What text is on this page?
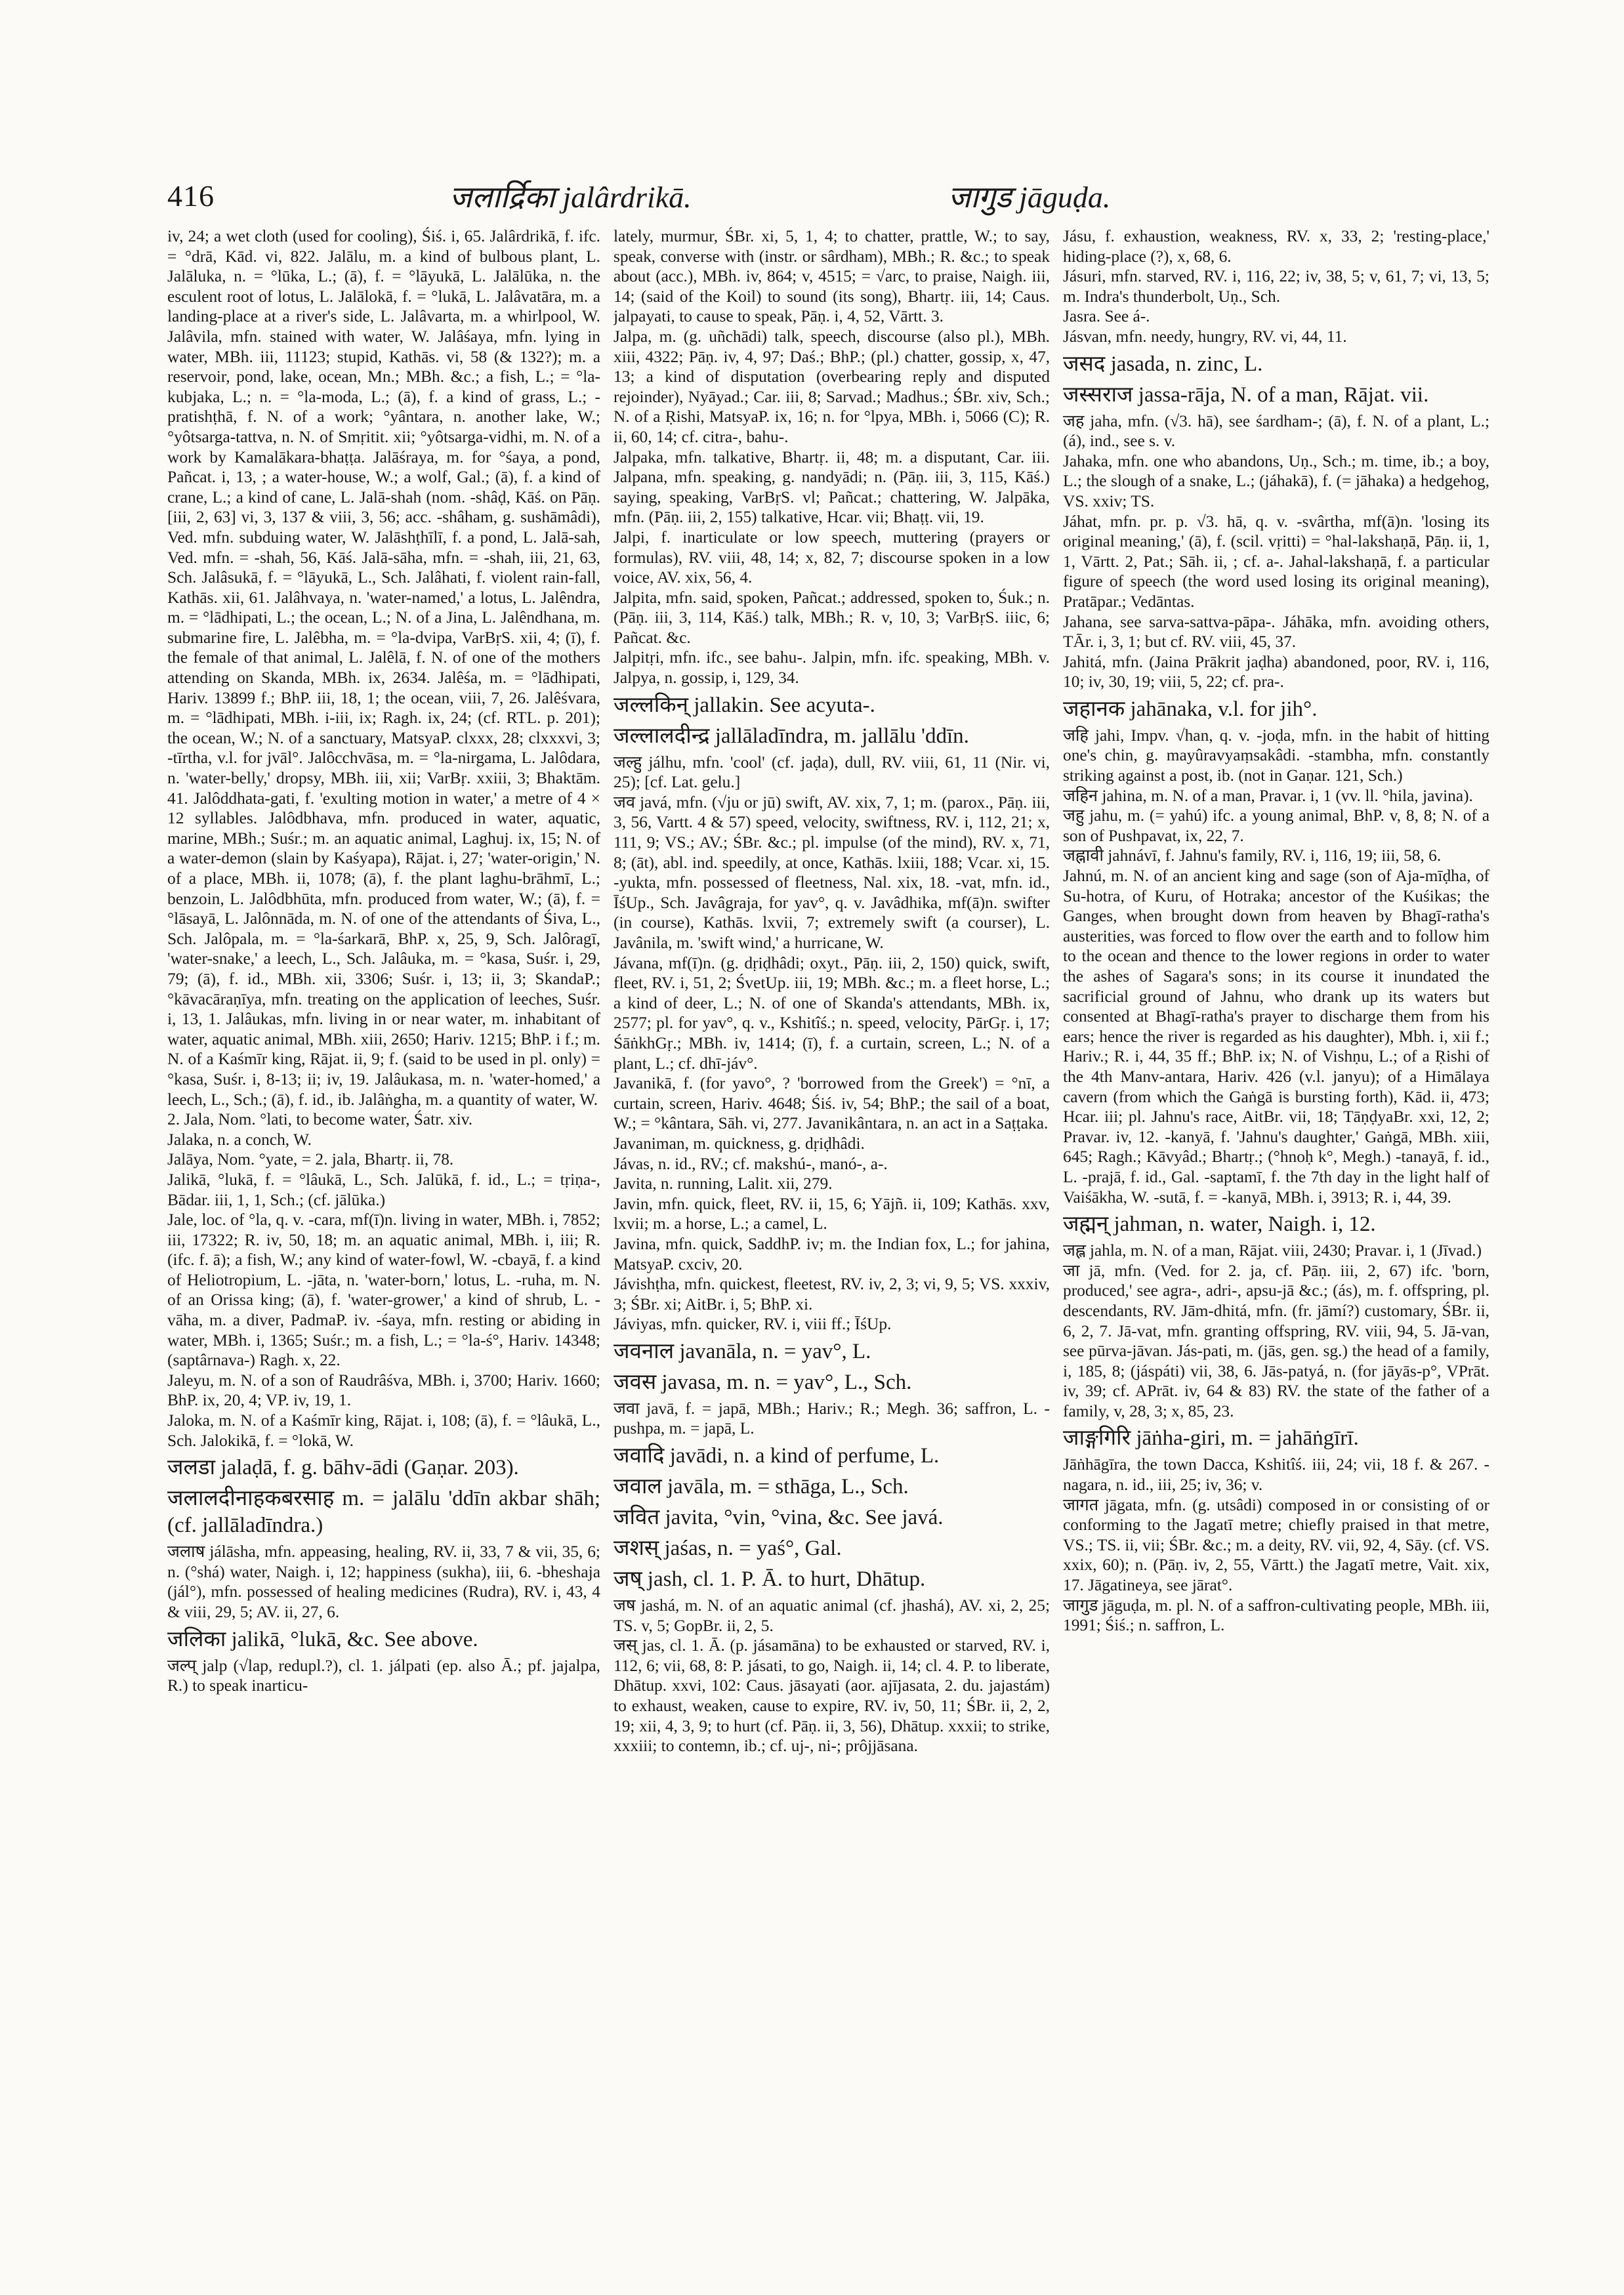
416	जलार्द्रिका jalârdrikā.	जागुड jāguḍa.

iv, 24; a wet cloth (used for cooling), Śiś. i, 65. Jalârdrikā, f. ifc. = °drā, Kād. vi, 822. Jalālu, m. a kind of bulbous plant, L. Jalāluka, n. = °lūka, L.; (ā), f. = °lāyukā, L. Jalālūka, n. the esculent root of lotus, L. Jalālokā, f. = °lukā, L. Jalâvatāra, m. a landing-place at a river's side, L. Jalâvarta, m. a whirlpool, W. Jalâvila, mfn. stained with water, W. Jalâśaya, mfn. lying in water, MBh. iii, 11123; stupid, Kathās. vi, 58 (& 132?); m. a reservoir, pond, lake, ocean, Mn.; MBh. &c.; a fish, L.; = °la-kubjaka, L.; n. = °la-moda, L.; (ā), f. a kind of grass, L.; -pratishṭhā, f. N. of a work; °yântara, n. another lake, W.; °yôtsarga-tattva, n. N. of Smṛitit. xii; °yôtsarga-vidhi, m. N. of a work by Kamalākara-bhaṭṭa. Jalāśraya, m. for °śaya, a pond, Pañcat. i, 13, ; a water-house, W.; a wolf, Gal.; (ā), f. a kind of crane, L.; a kind of cane, L. Jalā-shah (nom. -shâḍ, Kāś. on Pāṇ. [iii, 2, 63] vi, 3, 137 & viii, 3, 56; acc. -shâham, g. sushāmâdi), Ved. mfn. subduing water, W. Jalāshṭhīlī, f. a pond, L. Jalā-sah, Ved. mfn. = -shah, 56, Kāś. Jalā-sāha, mfn. = -shah, iii, 21, 63, Sch. Jalâsukā, f. = °lāyukā, L., Sch. Jalâhati, f. violent rain-fall, Kathās. xii, 61. Jalâhvaya, n. 'water-named,' a lotus, L. Jalêndra, m. = °lādhipati, L.; the ocean, L.; N. of a Jina, L. Jalêndhana, m. submarine fire, L. Jalêbha, m. = °la-dvipa, VarBṛS. xii, 4; (ī), f. the female of that animal, L. Jalêlā, f. N. of one of the mothers attending on Skanda, MBh. ix, 2634. Jalêśa, m. = °lādhipati, Hariv. 13899 f.; BhP. iii, 18, 1; the ocean, viii, 7, 26. Jalêśvara, m. = °lādhipati, MBh. i-iii, ix; Ragh. ix, 24; (cf. RTL. p. 201); the ocean, W.; N. of a sanctuary, MatsyaP. clxxx, 28; clxxxvi, 3; -tīrtha, v.l. for jvāl°. Jalôcchvāsa, m. = °la-nirgama, L. Jalôdara, n. 'water-belly,' dropsy, MBh. iii, xii; VarBṛ. xxiii, 3; Bhaktām. 41. Jalôddhata-gati, f. 'exulting motion in water,' a metre of 4 × 12 syllables. Jalôdbhava, mfn. produced in water, aquatic, marine, MBh.; Suśr.; m. an aquatic animal, Laghuj. ix, 15; N. of a water-demon (slain by Kaśyapa), Rājat. i, 27; 'water-origin,' N. of a place, MBh. ii, 1078; (ā), f. the plant laghu-brāhmī, L.; benzoin, L. Jalôdbhūta, mfn. produced from water, W.; (ā), f. = °lāsayā, L. Jalônnāda, m. N. of one of the attendants of Śiva, L., Sch. Jalôpala, m. = °la-śarkarā, BhP. x, 25, 9, Sch. Jalôragī, 'water-snake,' a leech, L., Sch. Jalâuka, m. = °kasa, Suśr. i, 29, 79; (ā), f. id., MBh. xii, 3306; Suśr. i, 13; ii, 3; SkandaP.; °kāvacāraṇīya, mfn. treating on the application of leeches, Suśr. i, 13, 1. Jalâukas, mfn. living in or near water, m. inhabitant of water, aquatic animal, MBh. xiii, 2650; Hariv. 1215; BhP. i f.; m. N. of a Kaśmīr king, Rājat. ii, 9; f. (said to be used in pl. only) = °kasa, Suśr. i, 8-13; ii; iv, 19. Jalâukasa, m. n. 'water-homed,' a leech, L., Sch.; (ā), f. id., ib. Jalâṅgha, m. a quantity of water, W.

2. Jala, Nom. °lati, to become water, Śatr. xiv.

Jalaka, n. a conch, W.

Jalāya, Nom. °yate, = 2. jala, Bhartṛ. ii, 78.

Jalikā, °lukā, f. = °lâukā, L., Sch. Jalūkā, f. id., L.; = tṛiṇa-, Bādar. iii, 1, 1, Sch.; (cf. jālūka.)

Jale, loc. of °la, q. v. -cara, mf(ī)n. living in water, MBh. i, 7852; iii, 17322; R. iv, 50, 18; m. an aquatic animal, MBh. i, iii; R. (ifc. f. ā); a fish, W.; any kind of water-fowl, W. -cbayā, f. a kind of Heliotropium, L. -jāta, n. 'water-born,' lotus, L. -ruha, m. N. of an Orissa king; (ā), f. 'water-grower,' a kind of shrub, L. -vāha, m. a diver, PadmaP. iv. -śaya, mfn. resting or abiding in water, MBh. i, 1365; Suśr.; m. a fish, L.; = °la-ś°, Hariv. 14348; (saptârnava-) Ragh. x, 22.

Jaleyu, m. N. of a son of Raudrâśva, MBh. i, 3700; Hariv. 1660; BhP. ix, 20, 4; VP. iv, 19, 1.

Jaloka, m. N. of a Kaśmīr king, Rājat. i, 108; (ā), f. = °lâukā, L., Sch. Jalokikā, f. = °lokā, W.

जलडा jalaḍā, f. g. bāhv-ādi (Gaṇar. 203).

जलालदीनाहकबरसाह m. = jalālu 'ddīn akbar shāh; (cf. jallāladīndra.)

जलाष jálāsha, mfn. appeasing, healing, RV. ii, 33, 7 & vii, 35, 6; n. (°shá) water, Naigh. i, 12; happiness (sukha), iii, 6. -bheshaja (jál°), mfn. possessed of healing medicines (Rudra), RV. i, 43, 4 & viii, 29, 5; AV. ii, 27, 6.

जलिका jalikā, °lukā, &c. See above.

जल्प् jalp (√lap, redupl.?), cl. 1. jálpati (ep. also Ā.; pf. jajalpa, R.) to speak inarticu-

lately, murmur, ŚBr. xi, 5, 1, 4; to chatter, prattle, W.; to say, speak, converse with (instr. or sârdham), MBh.; R. &c.; to speak about (acc.), MBh. iv, 864; v, 4515; = √arc, to praise, Naigh. iii, 14; (said of the Koil) to sound (its song), Bhartṛ. iii, 14; Caus. jalpayati, to cause to speak, Pāṇ. i, 4, 52, Vārtt. 3.

Jalpa, m. (g. uñchādi) talk, speech, discourse (also pl.), MBh. xiii, 4322; Pāṇ. iv, 4, 97; Daś.; BhP.; (pl.) chatter, gossip, x, 47, 13; a kind of disputation (overbearing reply and disputed rejoinder), Nyāyad.; Car. iii, 8; Sarvad.; Madhus.; ŚBr. xiv, Sch.; N. of a Ṛishi, MatsyaP. ix, 16; n. for °lpya, MBh. i, 5066 (C); R. ii, 60, 14; cf. citra-, bahu-.

Jalpaka, mfn. talkative, Bhartṛ. ii, 48; m. a disputant, Car. iii. Jalpana, mfn. speaking, g. nandyādi; n. (Pāṇ. iii, 3, 115, Kāś.) saying, speaking, VarBṛS. vl; Pañcat.; chattering, W. Jalpāka, mfn. (Pāṇ. iii, 2, 155) talkative, Hcar. vii; Bhaṭṭ. vii, 19.

Jalpi, f. inarticulate or low speech, muttering (prayers or formulas), RV. viii, 48, 14; x, 82, 7; discourse spoken in a low voice, AV. xix, 56, 4.

Jalpita, mfn. said, spoken, Pañcat.; addressed, spoken to, Śuk.; n. (Pāṇ. iii, 3, 114, Kāś.) talk, MBh.; R. v, 10, 3; VarBṛS. iiic, 6; Pañcat. &c.

Jalpitṛi, mfn. ifc., see bahu-. Jalpin, mfn. ifc. speaking, MBh. v. Jalpya, n. gossip, i, 129, 34.

जल्लकिन् jallakin. See acyuta-.

जल्लालदीन्द्र jallāladīndra, m. jallālu 'ddīn.

जल्हु jálhu, mfn. 'cool' (cf. jaḍa), dull, RV. viii, 61, 11 (Nir. vi, 25); [cf. Lat. gelu.]

जव javá, mfn. (√ju or jū) swift, AV. xix, 7, 1; m. (parox., Pāṇ. iii, 3, 56, Vartt. 4 & 57) speed, velocity, swiftness, RV. i, 112, 21; x, 111, 9; VS.; AV.; ŚBr. &c.; pl. impulse (of the mind), RV. x, 71, 8; (āt), abl. ind. speedily, at once, Kathās. lxiii, 188; Vcar. xi, 15. -yukta, mfn. possessed of fleetness, Nal. xix, 18. -vat, mfn. id., ĪśUp., Sch. Javâgraja, for yav°, q. v. Javâdhika, mf(ā)n. swifter (in course), Kathās. lxvii, 7; extremely swift (a courser), L. Javânila, m. 'swift wind,' a hurricane, W.

Jávana, mf(ī)n. (g. dṛiḍhâdi; oxyt., Pāṇ. iii, 2, 150) quick, swift, fleet, RV. i, 51, 2; ŚvetUp. iii, 19; MBh. &c.; m. a fleet horse, L.; a kind of deer, L.; N. of one of Skanda's attendants, MBh. ix, 2577; pl. for yav°, q. v., Kshitîś.; n. speed, velocity, PārGṛ. i, 17; ŚāṅkhGṛ.; MBh. iv, 1414; (ī), f. a curtain, screen, L.; N. of a plant, L.; cf. dhī-jáv°.

Javanikā, f. (for yavo°, ? 'borrowed from the Greek') = °nī, a curtain, screen, Hariv. 4648; Śiś. iv, 54; BhP.; the sail of a boat, W.; = °kântara, Sāh. vi, 277. Javanikântara, n. an act in a Saṭṭaka.

Javaniman, m. quickness, g. dṛiḍhâdi.

Jávas, n. id., RV.; cf. makshú-, manó-, a-.

Javita, n. running, Lalit. xii, 279.

Javin, mfn. quick, fleet, RV. ii, 15, 6; Yājñ. ii, 109; Kathās. xxv, lxvii; m. a horse, L.; a camel, L.

Javina, mfn. quick, SaddhP. iv; m. the Indian fox, L.; for jahina, MatsyaP. cxciv, 20.

Jávishṭha, mfn. quickest, fleetest, RV. iv, 2, 3; vi, 9, 5; VS. xxxiv, 3; ŚBr. xi; AitBr. i, 5; BhP. xi.

Jáviyas, mfn. quicker, RV. i, viii ff.; ĪśUp.

जवनाल javanāla, n. = yav°, L.

जवस javasa, m. n. = yav°, L., Sch.

जवा javā, f. = japā, MBh.; Hariv.; R.; Megh. 36; saffron, L. -pushpa, m. = japā, L.

जवादि javādi, n. a kind of perfume, L.

जवाल javāla, m. = sthāga, L., Sch.

जवित javita, °vin, °vina, &c. See javá.

जशस् jaśas, n. = yaś°, Gal.

जष् jash, cl. 1. P. Ā. to hurt, Dhātup.

जष jashá, m. N. of an aquatic animal (cf. jhashá), AV. xi, 2, 25; TS. v, 5; GopBr. ii, 2, 5.

जस् jas, cl. 1. Ā. (p. jásamāna) to be exhausted or starved, RV. i, 112, 6; vii, 68, 8: P. jásati, to go, Naigh. ii, 14; cl. 4. P. to liberate, Dhātup. xxvi, 102: Caus. jāsayati (aor. ajījasata, 2. du. jajastám) to exhaust, weaken, cause to expire, RV. iv, 50, 11; ŚBr. ii, 2, 2, 19; xii, 4, 3, 9; to hurt (cf. Pāṇ. ii, 3, 56), Dhātup. xxxii; to strike, xxxiii; to contemn, ib.; cf. uj-, ni-; prôjjāsana.

Jásu, f. exhaustion, weakness, RV. x, 33, 2; 'resting-place,' hiding-place (?), x, 68, 6.

Jásuri, mfn. starved, RV. i, 116, 22; iv, 38, 5; v, 61, 7; vi, 13, 5; m. Indra's thunderbolt, Uṇ., Sch.

Jasra. See á-.

Jásvan, mfn. needy, hungry, RV. vi, 44, 11.

जसद jasada, n. zinc, L.

जस्सराज jassa-rāja, N. of a man, Rājat. vii.

जह jaha, mfn. (√3. hā), see śardham-; (ā), f. N. of a plant, L.; (á), ind., see s. v.

Jahaka, mfn. one who abandons, Uṇ., Sch.; m. time, ib.; a boy, L.; the slough of a snake, L.; (jáhakā), f. (= jāhaka) a hedgehog, VS. xxiv; TS.

Jáhat, mfn. pr. p. √3. hā, q. v. -svârtha, mf(ā)n. 'losing its original meaning,' (ā), f. (scil. vṛitti) = °hal-lakshaṇā, Pāṇ. ii, 1, 1, Vārtt. 2, Pat.; Sāh. ii, ; cf. a-. Jahal-lakshaṇā, f. a particular figure of speech (the word used losing its original meaning), Pratāpar.; Vedāntas.

Jahana, see sarva-sattva-pāpa-. Jáhāka, mfn. avoiding others, TĀr. i, 3, 1; but cf. RV. viii, 45, 37.

Jahitá, mfn. (Jaina Prākrit jaḍha) abandoned, poor, RV. i, 116, 10; iv, 30, 19; viii, 5, 22; cf. pra-.

जहानक jahānaka, v.l. for jih°.

जहि jahi, Impv. √han, q. v. -joḍa, mfn. in the habit of hitting one's chin, g. mayûravyaṃsakâdi. -stambha, mfn. constantly striking against a post, ib. (not in Gaṇar. 121, Sch.)

जहिन jahina, m. N. of a man, Pravar. i, 1 (vv. ll. °hila, javina).

जहु jahu, m. (= yahú) ifc. a young animal, BhP. v, 8, 8; N. of a son of Pushpavat, ix, 22, 7.

जह्नावी jahnávī, f. Jahnu's family, RV. i, 116, 19; iii, 58, 6.

Jahnú, m. N. of an ancient king and sage (son of Aja-mīḍha, of Su-hotra, of Kuru, of Hotraka; ancestor of the Kuśikas; the Ganges, when brought down from heaven by Bhagī-ratha's austerities, was forced to flow over the earth and to follow him to the ocean and thence to the lower regions in order to water the ashes of Sagara's sons; in its course it inundated the sacrificial ground of Jahnu, who drank up its waters but consented at Bhagī-ratha's prayer to discharge them from his ears; hence the river is regarded as his daughter), Mbh. i, xii f.; Hariv.; R. i, 44, 35 ff.; BhP. ix; N. of Vishṇu, L.; of a Ṛishi of the 4th Manv-antara, Hariv. 426 (v.l. janyu); of a Himālaya cavern (from which the Gaṅgā is bursting forth), Kād. ii, 473; Hcar. iii; pl. Jahnu's race, AitBr. vii, 18; TāṇḍyaBr. xxi, 12, 2; Pravar. iv, 12. -kanyā, f. 'Jahnu's daughter,' Gaṅgā, MBh. xiii, 645; Ragh.; Kāvyâd.; Bhartṛ.; (°hnoḥ k°, Megh.) -tanayā, f. id., L. -prajā, f. id., Gal. -saptamī, f. the 7th day in the light half of Vaiśākha, W. -sutā, f. = -kanyā, MBh. i, 3913; R. i, 44, 39.

जह्मन् jahman, n. water, Naigh. i, 12.

जह्ल jahla, m. N. of a man, Rājat. viii, 2430; Pravar. i, 1 (Jīvad.)

जा jā, mfn. (Ved. for 2. ja, cf. Pāṇ. iii, 2, 67) ifc. 'born, produced,' see agra-, adri-, apsu-jā &c.; (ás), m. f. offspring, pl. descendants, RV. Jām-dhitá, mfn. (fr. jāmí?) customary, ŚBr. ii, 6, 2, 7. Jā-vat, mfn. granting offspring, RV. viii, 94, 5. Jā-van, see pūrva-jāvan. Jás-pati, m. (jās, gen. sg.) the head of a family, i, 185, 8; (jáspáti) vii, 38, 6. Jās-patyá, n. (for jāyās-p°, VPrāt. iv, 39; cf. APrāt. iv, 64 & 83) RV. the state of the father of a family, v, 28, 3; x, 85, 23.

जाङ्गगिरि jāṅha-giri, m. = jahāṅgīrī.

Jāṅhāgīra, the town Dacca, Kshitîś. iii, 24; vii, 18 f. & 267. -nagara, n. id., iii, 25; iv, 36; v.

जागत jāgata, mfn. (g. utsâdi) composed in or consisting of or conforming to the Jagatī metre; chiefly praised in that metre, VS.; TS. ii, vii; ŚBr. &c.; m. a deity, RV. vii, 92, 4, Sāy. (cf. VS. xxix, 60); n. (Pāṇ. iv, 2, 55, Vārtt.) the Jagatī metre, Vait. xix, 17. Jāgatineya, see jārat°.

जागुड jāguḍa, m. pl. N. of a saffron-cultivating people, MBh. iii, 1991; Śiś.; n. saffron, L.
